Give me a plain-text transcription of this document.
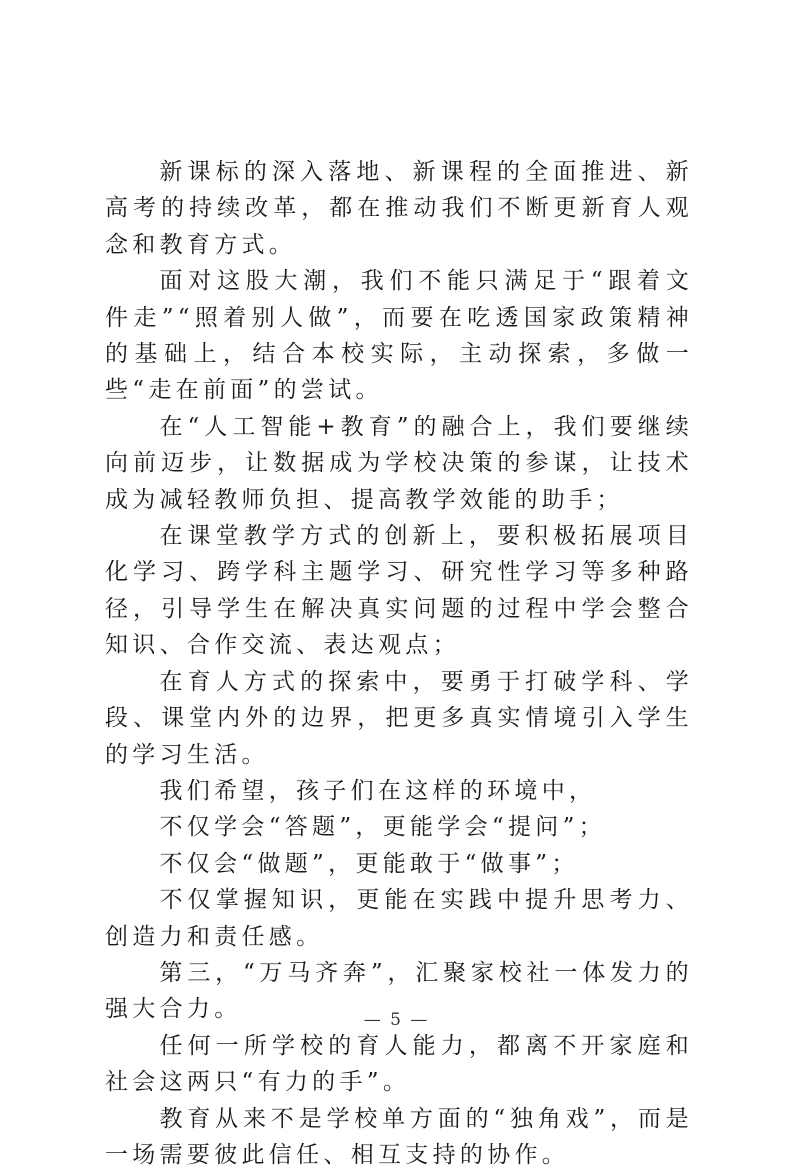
新课标的深入落地、新课程的全面推进、新高考的持续改革，都在推动我们不断更新育人观念和教育方式。

面对这股大潮，我们不能只满足于“跟着文件走”“照着别人做”，而要在吃透国家政策精神的基础上，结合本校实际，主动探索，多做一些“走在前面”的尝试。

在“人工智能+教育”的融合上，我们要继续向前迈步，让数据成为学校决策的参谋，让技术成为减轻教师负担、提高教学效能的助手；

在课堂教学方式的创新上，要积极拓展项目化学习、跨学科主题学习、研究性学习等多种路径，引导学生在解决真实问题的过程中学会整合知识、合作交流、表达观点；

在育人方式的探索中，要勇于打破学科、学段、课堂内外的边界，把更多真实情境引入学生的学习生活。

我们希望，孩子们在这样的环境中，

不仅学会“答题”，更能学会“提问”；

不仅会“做题”，更能敢于“做事”；

不仅掌握知识，更能在实践中提升思考力、创造力和责任感。

第三，“万马齐奔”，汇聚家校社一体发力的强大合力。

任何一所学校的育人能力，都离不开家庭和社会这两只“有力的手”。

教育从来不是学校单方面的“独角戏”，而是一场需要彼此信任、相互支持的协作。

— 5 —
